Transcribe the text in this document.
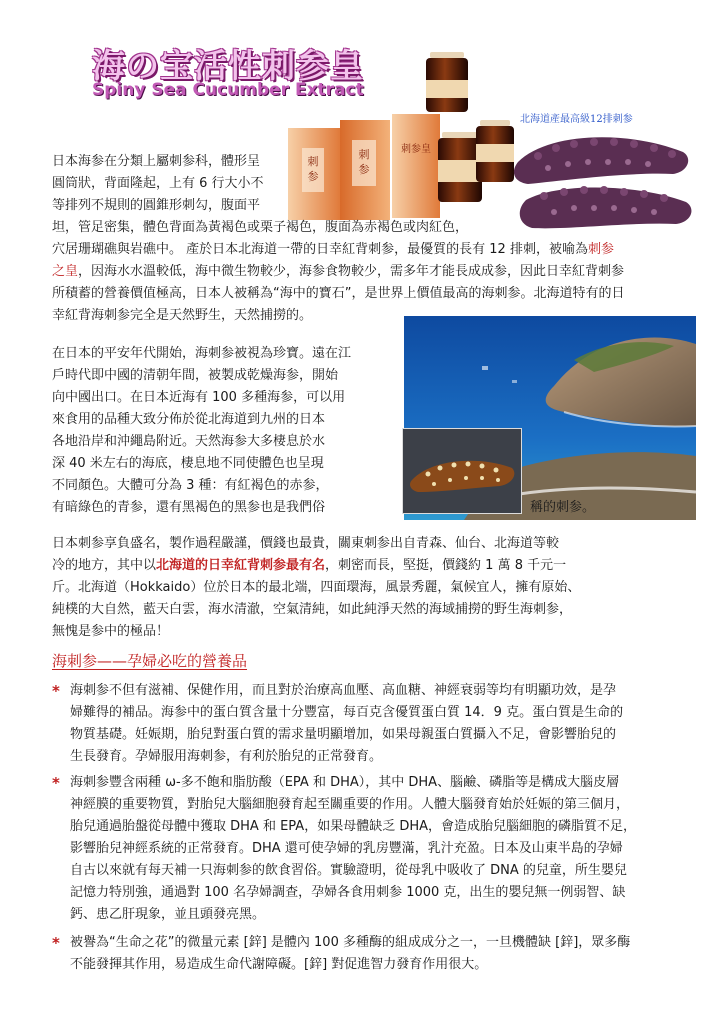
海の宝活性刺参皇
Spiny Sea Cucumber Extract
刺
参
刺
参
刺参皇
北海道產最高級12排刺参
日本海参在分類上屬刺参科，體形呈
圓筒狀，背面隆起，上有 6 行大小不
等排列不規則的圓錐形刺勾，腹面平
坦，管足密集，體色背面為黃褐色或栗子褐色，腹面為赤褐色或肉紅色，
穴居珊瑚礁與岩礁中。 產於日本北海道一帶的日幸紅背刺参，最優質的長有 12 排刺，被喻為刺参
之皇，因海水水溫較低，海中微生物較少，海参食物較少，需多年才能長成成参，因此日幸紅背刺参
所積蓄的營養價值極高，日本人被稱為“海中的寶石”，是世界上價值最高的海刺参。北海道特有的日
幸紅背海刺参完全是天然野生，天然捕撈的。
在日本的平安年代開始，海刺参被視為珍寶。遠在江
戶時代即中國的清朝年間，被製成乾燥海参，開始
向中國出口。在日本近海有 100 多種海参，可以用
來食用的品種大致分佈於從北海道到九州的日本
各地沿岸和沖繩島附近。天然海参大多棲息於水
深 40 米左右的海底，棲息地不同使體色也呈現
不同顏色。大體可分為 3 種：有紅褐色的赤参，
有暗綠色的青参，還有黑褐色的黑参也是我們俗	稱的刺参。
日本刺参享負盛名，製作過程嚴謹，價錢也最貴，關東刺参出自青森、仙台、北海道等較
冷的地方，其中以北海道的日幸紅背刺参最有名，刺密而長，堅挺，價錢約 1 萬 8 千元一
斤。北海道（Hokkaido）位於日本的最北端，四面環海，風景秀麗，氣候宜人，擁有原始、
純樸的大自然，藍天白雲，海水清澈，空氣清純，如此純淨天然的海域捕撈的野生海刺参，
無愧是参中的極品！
海刺参——孕婦必吃的營養品
* 海刺参不但有滋補、保健作用，而且對於治療高血壓、高血糖、神經衰弱等均有明顯功效，是孕
婦難得的補品。海参中的蛋白質含量十分豐富，每百克含優質蛋白質 14．9 克。蛋白質是生命的
物質基礎。妊娠期，胎兒對蛋白質的需求量明顯增加，如果母親蛋白質攝入不足，會影響胎兒的
生長發育。孕婦服用海刺参，有利於胎兒的正常發育。
* 海刺参豐含兩種 ω-多不飽和脂肪酸（EPA 和 DHA），其中 DHA、腦鹼、磷脂等是構成大腦皮層
神經膜的重要物質，對胎兒大腦細胞發育起至關重要的作用。人體大腦發育始於妊娠的第三個月，
胎兒通過胎盤從母體中獲取 DHA 和 EPA，如果母體缺乏 DHA，會造成胎兒腦細胞的磷脂質不足，
影響胎兒神經系統的正常發育。DHA 還可使孕婦的乳房豐滿，乳汁充盈。日本及山東半島的孕婦
自古以來就有每天補一只海刺参的飲食習俗。實驗證明，從母乳中吸收了 DNA 的兒童，所生嬰兒
記憶力特別強，通過對 100 名孕婦調查，孕婦各食用刺参 1000 克，出生的嬰兒無一例弱智、缺
鈣、患乙肝現象，並且頭發亮黑。
* 被譽為“生命之花”的微量元素 [鋅] 是體內 100 多種酶的組成成分之一，一旦機體缺 [鋅]，眾多酶
不能發揮其作用，易造成生命代謝障礙。[鋅] 對促進智力發育作用很大。
